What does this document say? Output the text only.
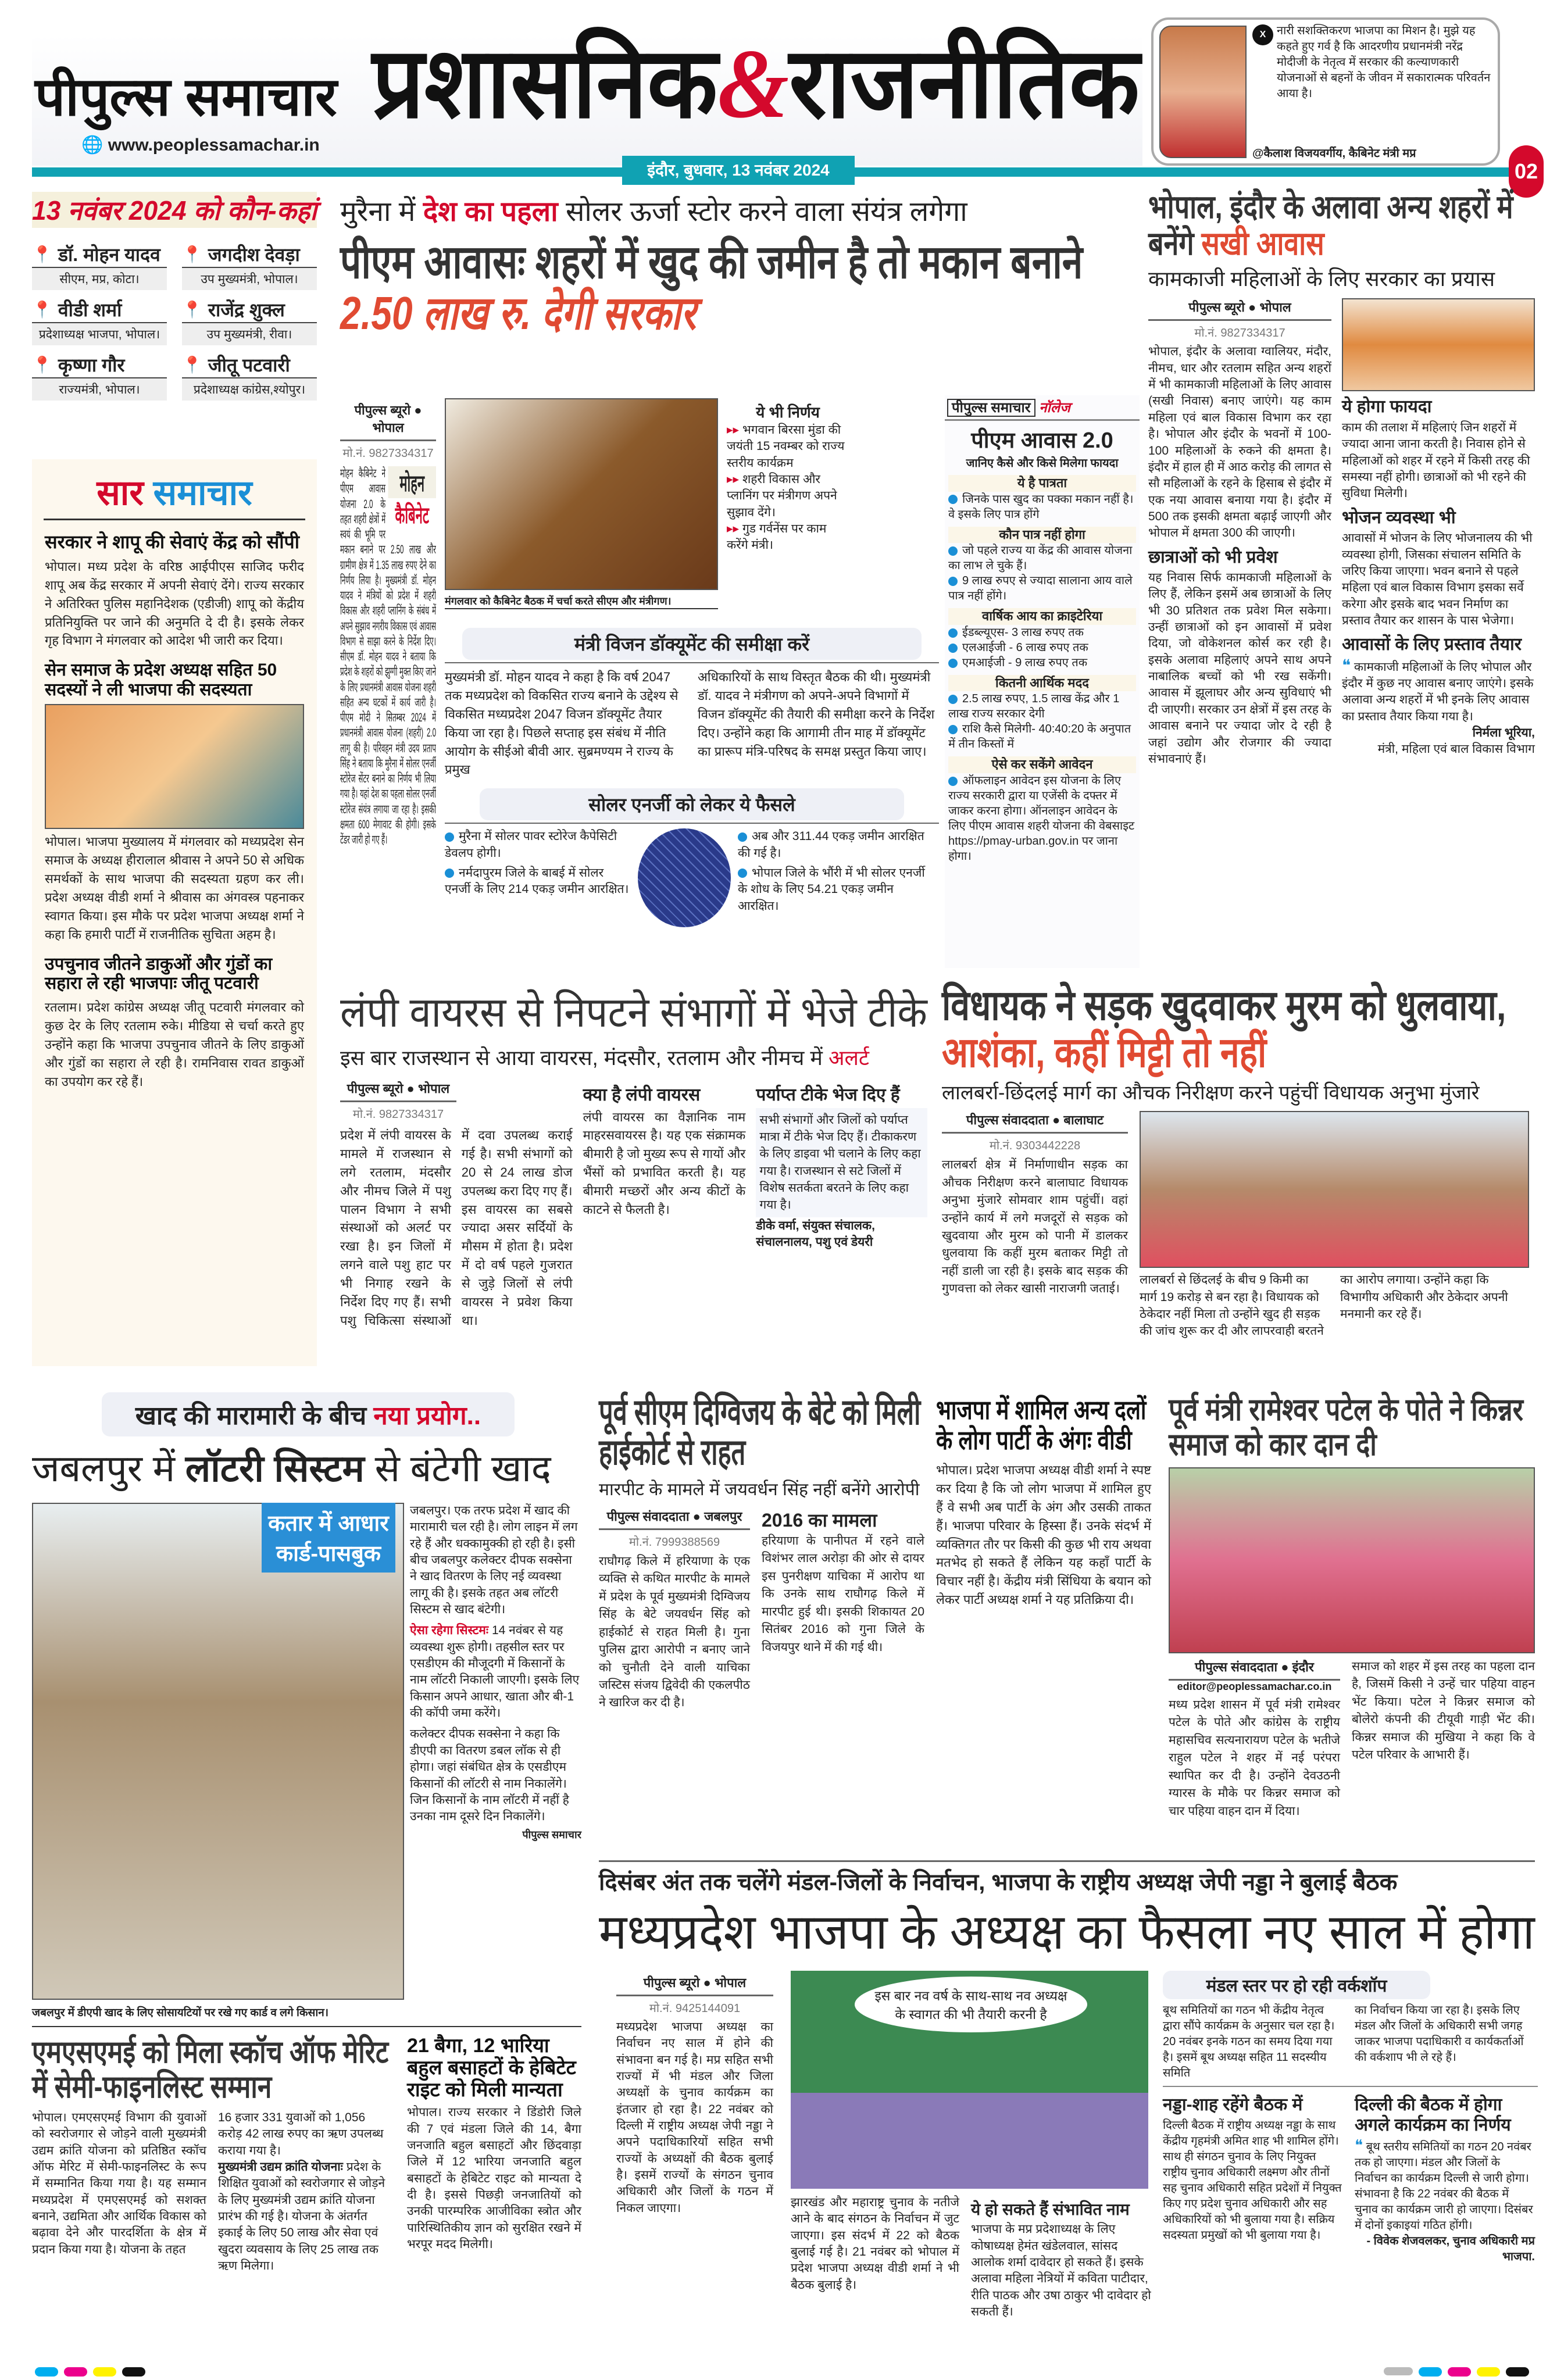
पीपुल्स समाचार प्रशासनिक&राजनीतिक
🌐 www.peoplessamachar.in
इंदौर, बुधवार, 13 नवंबर 2024
X नारी सशक्तिकरण भाजपा का मिशन है। मुझे यह कहते हुए गर्व है कि आदरणीय प्रधानमंत्री नरेंद्र मोदीजी के नेतृत्व में सरकार की कल्याणकारी योजनाओं से बहनों के जीवन में सकारात्मक परिवर्तन आया है।
@कैलाश विजयवर्गीय, कैबिनेट मंत्री मप्र
02
13 नवंबर 2024 को कौन-कहां
📍 डॉ. मोहन यादव
सीएम, मप्र, कोटा।
📍 जगदीश देवड़ा
उप मुख्यमंत्री, भोपाल।
📍 वीडी शर्मा
प्रदेशाध्यक्ष भाजपा, भोपाल।
📍 राजेंद्र शुक्ल
उप मुख्यमंत्री, रीवा।
📍 कृष्णा गौर
राज्यमंत्री, भोपाल।
📍 जीतू पटवारी
प्रदेशाध्यक्ष कांग्रेस,श्योपुर।
सार समाचार
सरकार ने शापू की सेवाएं केंद्र को सौंपी
भोपाल। मध्य प्रदेश के वरिष्ठ आईपीएस साजिद फरीद शापू अब केंद्र सरकार में अपनी सेवाएं देंगे। राज्य सरकार ने अतिरिक्त पुलिस महानिदेशक (एडीजी) शापू को केंद्रीय प्रतिनियुक्ति पर जाने की अनुमति दे दी है। इसके लेकर गृह विभाग ने मंगलवार को आदेश भी जारी कर दिया।
सेन समाज के प्रदेश अध्यक्ष सहित 50 सदस्यों ने ली भाजपा की सदस्यता
भोपाल। भाजपा मुख्यालय में मंगलवार को मध्यप्रदेश सेन समाज के अध्यक्ष हीरालाल श्रीवास ने अपने 50 से अधिक समर्थकों के साथ भाजपा की सदस्यता ग्रहण कर ली। प्रदेश अध्यक्ष वीडी शर्मा ने श्रीवास का अंगवस्त्र पहनाकर स्वागत किया। इस मौके पर प्रदेश भाजपा अध्यक्ष शर्मा ने कहा कि हमारी पार्टी में राजनीतिक सुचिता अहम है।
उपचुनाव जीतने डाकुओं और गुंडों का सहारा ले रही भाजपाः जीतू पटवारी
रतलाम। प्रदेश कांग्रेस अध्यक्ष जीतू पटवारी मंगलवार को कुछ देर के लिए रतलाम रुके। मीडिया से चर्चा करते हुए उन्होंने कहा कि भाजपा उपचुनाव जीतने के लिए डाकुओं और गुंडों का सहारा ले रही है। रामनिवास रावत डाकुओं का उपयोग कर रहे हैं।
मुरैना में देश का पहला सोलर ऊर्जा स्टोर करने वाला संयंत्र लगेगा
पीएम आवासः शहरों में खुद की जमीन है तो मकान बनाने 2.50 लाख रु. देगी सरकार
पीपुल्स ब्यूरो ● भोपाल
मो.नं. 9827334317
मोहन
कैबिनेट
मोहन कैबिनेट ने पीएम आवास योजना 2.0 के तहत शहरी क्षेत्रों में स्वयं की भूमि पर मकान बनाने पर 2.50 लाख और ग्रामीण क्षेत्र में 1.35 लाख रुपए देने का निर्णय लिया है। मुख्यमंत्री डॉ. मोहन यादव ने मंत्रियों को प्रदेश में शहरी विकास और शहरी प्लानिंग के संबंध में अपने सुझाव नगरीय विकास एवं आवास विभाग से साझा करने के निर्देश दिए। सीएम डॉ. मोहन यादव ने बताया कि प्रदेश के शहरों को झुग्गी मुक्त किए जाने के लिए प्रधानमंत्री आवास योजना शहरी सहित अन्य घटकों में कार्य जारी है। पीएम मोदी ने सितम्बर 2024 में प्रधानमंत्री आवास योजना (शहरी) 2.0 लागू की है। परिवहन मंत्री उदय प्रताप सिंह ने बताया कि मुरैना में सोलर एनर्जी स्टोरेज सेंटर बनाने का निर्णय भी लिया गया है। यहां देश का पहला सोलर एनर्जी स्टोरेज संयंत्र लगाया जा रहा है। इसकी क्षमता 600 मेगावाट की होगी। इसके टेंडर जारी हो गए हैं।
मंगलवार को कैबिनेट बैठक में चर्चा करते सीएम और मंत्रीगण।
ये भी निर्णय
▸▸ भगवान बिरसा मुंडा की जयंती 15 नवम्बर को राज्य स्तरीय कार्यक्रम
▸▸ शहरी विकास और प्लानिंग पर मंत्रीगण अपने सुझाव देंगे।
▸▸ गुड गर्वनेंस पर काम करेंगे मंत्री।
मंत्री विजन डॉक्यूमेंट की समीक्षा करें
मुख्यमंत्री डॉ. मोहन यादव ने कहा है कि वर्ष 2047 तक मध्यप्रदेश को विकसित राज्य बनाने के उद्देश्य से विकसित मध्यप्रदेश 2047 विजन डॉक्यूमेंट तैयार किया जा रहा है। पिछले सप्ताह इस संबंध में नीति आयोग के सीईओ बीवी आर. सुब्रमण्यम ने राज्य के प्रमुख
अधिकारियों के साथ विस्तृत बैठक की थी। मुख्यमंत्री डॉ. यादव ने मंत्रीगण को अपने-अपने विभागों में विजन डॉक्यूमेंट की तैयारी की समीक्षा करने के निर्देश दिए। उन्होंने कहा कि आगामी तीन माह में डॉक्यूमेंट का प्रारूप मंत्रि-परिषद के समक्ष प्रस्तुत किया जाए।
सोलर एनर्जी को लेकर ये फैसले
मुरैना में सोलर पावर स्टोरेज कैपेसिटी डेवलप होगी।
नर्मदापुरम जिले के बाबई में सोलर एनर्जी के लिए 214 एकड़ जमीन आरक्षित।
अब और 311.44 एकड़ जमीन आरक्षित की गई है।
भोपाल जिले के भौंरी में भी सोलर एनर्जी के शोध के लिए 54.21 एकड़ जमीन आरक्षित।
पीपुल्स समाचार नॉलेज
पीएम आवास 2.0
जानिए कैसे और किसे मिलेगा फायदा
ये है पात्रता
जिनके पास खुद का पक्का मकान नहीं है। वे इसके लिए पात्र होंगे
कौन पात्र नहीं होगा
जो पहले राज्य या केंद्र की आवास योजना का लाभ ले चुके हैं।
9 लाख रुपए से ज्यादा सालाना आय वाले पात्र नहीं होंगे।
वार्षिक आय का क्राइटेरिया
ईडब्ल्यूएस- 3 लाख रुपए तक
एलआईजी - 6 लाख रुपए तक
एमआईजी - 9 लाख रुपए तक
कितनी आर्थिक मदद
2.5 लाख रुपए, 1.5 लाख केंद्र और 1 लाख राज्य सरकार देगी
राशि कैसे मिलेगी- 40:40:20 के अनुपात में तीन किस्तों में
ऐसे कर सकेंगे आवेदन
ऑफलाइन आवेदन इस योजना के लिए राज्य सरकारी द्वारा या एजेंसी के दफ्तर में जाकर करना होगा। ऑनलाइन आवेदन के लिए पीएम आवास शहरी योजना की वेबसाइट https://pmay-urban.gov.in पर जाना होगा।
भोपाल, इंदौर के अलावा अन्य शहरों में बनेंगे सखी आवास
कामकाजी महिलाओं के लिए सरकार का प्रयास
पीपुल्स ब्यूरो ● भोपाल
मो.नं. 9827334317
भोपाल, इंदौर के अलावा ग्वालियर, मंदौर, नीमच, धार और रतलाम सहित अन्य शहरों में भी कामकाजी महिलाओं के लिए आवास (सखी निवास) बनाए जाएंगे। यह काम महिला एवं बाल विकास विभाग कर रहा है। भोपाल और इंदौर के भवनों में 100-100 महिलाओं के रुकने की क्षमता है। इंदौर में हाल ही में आठ करोड़ की लागत से सौ महिलाओं के रहने के हिसाब से इंदौर में एक नया आवास बनाया गया है। इंदौर में 500 तक इसकी क्षमता बढ़ाई जाएगी और भोपाल में क्षमता 300 की जाएगी।
छात्राओं को भी प्रवेश
यह निवास सिर्फ कामकाजी महिलाओं के लिए हैं, लेकिन इसमें अब छात्राओं के लिए भी 30 प्रतिशत तक प्रवेश मिल सकेगा। उन्हीं छात्राओं को इन आवासों में प्रवेश दिया, जो वोकेशनल कोर्स कर रही है। इसके अलावा महिलाएं अपने साथ अपने नाबालिक बच्चों को भी रख सकेंगी। आवास में झूलाघर और अन्य सुविधाएं भी दी जाएगी। सरकार उन क्षेत्रों में इस तरह के आवास बनाने पर ज्यादा जोर दे रही है जहां उद्योग और रोजगार की ज्यादा संभावनाएं हैं।
ये होगा फायदा
काम की तलाश में महिलाएं जिन शहरों में ज्यादा आना जाना करती है। निवास होने से महिलाओं को शहर में रहने में किसी तरह की समस्या नहीं होगी। छात्राओं को भी रहने की सुविधा मिलेगी।
भोजन व्यवस्था भी
आवासों में भोजन के लिए भोजनालय की भी व्यवस्था होगी, जिसका संचालन समिति के जरिए किया जाएगा। भवन बनाने से पहले महिला एवं बाल विकास विभाग इसका सर्वे करेगा और इसके बाद भवन निर्माण का प्रस्ताव तैयार कर शासन के पास भेजेगा।
आवासों के लिए प्रस्ताव तैयार
❝ कामकाजी महिलाओं के लिए भोपाल और इंदौर में कुछ नए आवास बनाए जाएंगे। इसके अलावा अन्य शहरों में भी इनके लिए आवास का प्रस्ताव तैयार किया गया है।
निर्मला भूरिया,
मंत्री, महिला एवं बाल विकास विभाग
लंपी वायरस से निपटने संभागों में भेजे टीके
इस बार राजस्थान से आया वायरस, मंदसौर, रतलाम और नीमच में अलर्ट
पीपुल्स ब्यूरो ● भोपाल
मो.नं. 9827334317
प्रदेश में लंपी वायरस के मामले में राजस्थान से लगे रतलाम, मंदसौर और नीमच जिले में पशु पालन विभाग ने सभी संस्थाओं को अलर्ट पर रखा है। इन जिलों में लगने वाले पशु हाट पर भी निगाह रखने के निर्देश दिए गए हैं। सभी पशु चिकित्सा संस्थाओं में दवा उपलब्ध कराई गई है। सभी संभागों को 20 से 24 लाख डोज उपलब्ध करा दिए गए हैं। इस वायरस का सबसे ज्यादा असर सर्दियों के मौसम में होता है। प्रदेश में दो वर्ष पहले गुजरात से जुड़े जिलों से लंपी वायरस ने प्रवेश किया था।
क्या है लंपी वायरस
लंपी वायरस का वैज्ञानिक नाम माहरसवायरस है। यह एक संक्रामक बीमारी है जो मुख्य रूप से गायों और भैंसों को प्रभावित करती है। यह बीमारी मच्छरों और अन्य कीटों के काटने से फैलती है।
पर्याप्त टीके भेज दिए हैं
सभी संभागों और जिलों को पर्याप्त मात्रा में टीके भेज दिए हैं। टीकाकरण के लिए डाइवा भी चलाने के लिए कहा गया है। राजस्थान से सटे जिलों में विशेष सतर्कता बरतने के लिए कहा गया है।
डीके वर्मा, संयुक्त संचालक, संचालनालय, पशु एवं डेयरी
विधायक ने सड़क खुदवाकर मुरम को धुलवाया, आशंका, कहीं मिट्टी तो नहीं
लालबर्रा-छिंदलई मार्ग का औचक निरीक्षण करने पहुंचीं विधायक अनुभा मुंजारे
पीपुल्स संवाददाता ● बालाघाट
मो.नं. 9303442228
लालबर्रा क्षेत्र में निर्माणाधीन सड़क का औचक निरीक्षण करने बालाघाट विधायक अनुभा मुंजारे सोमवार शाम पहुंचीं। वहां उन्होंने कार्य में लगे मजदूरों से सड़क को खुदवाया और मुरम को पानी में डालकर धुलवाया कि कहीं मुरम बताकर मिट्टी तो नहीं डाली जा रही है। इसके बाद सड़क की गुणवत्ता को लेकर खासी नाराजगी जताई।
लालबर्रा से छिंदलई के बीच 9 किमी का मार्ग 19 करोड़ से बन रहा है। विधायक को ठेकेदार नहीं मिला तो उन्होंने खुद ही सड़क की जांच शुरू कर दी और लापरवाही बरतने का आरोप लगाया। उन्होंने कहा कि विभागीय अधिकारी और ठेकेदार अपनी मनमानी कर रहे हैं।
खाद की मारामारी के बीच नया प्रयोग..
जबलपुर में लॉटरी सिस्टम से बंटेगी खाद
कतार में आधार कार्ड-पासबुक
जबलपुर में डीएपी खाद के लिए सोसायटियों पर रखे गए कार्ड व लगे किसान।
जबलपुर। एक तरफ प्रदेश में खाद की मारामारी चल रही है। लोग लाइन में लग रहे हैं और धक्कामुक्की हो रही है। इसी बीच जबलपुर कलेक्टर दीपक सक्सेना ने खाद वितरण के लिए नई व्यवस्था लागू की है। इसके तहत अब लॉटरी सिस्टम से खाद बंटेगी।
ऐसा रहेगा सिस्टमः 14 नवंबर से यह व्यवस्था शुरू होगी। तहसील स्तर पर एसडीएम की मौजूदगी में किसानों के नाम लॉटरी निकाली जाएगी। इसके लिए किसान अपने आधार, खाता और बी-1 की कॉपी जमा करेंगे।
कलेक्टर दीपक सक्सेना ने कहा कि डीएपी का वितरण डबल लॉक से ही होगा। जहां संबंधित क्षेत्र के एसडीएम किसानों की लॉटरी से नाम निकालेंगे। जिन किसानों के नाम लॉटरी में नहीं है उनका नाम दूसरे दिन निकालेंगे।
पीपुल्स समाचार
पूर्व सीएम दिग्विजय के बेटे को मिली हाईकोर्ट से राहत
मारपीट के मामले में जयवर्धन सिंह नहीं बनेंगे आरोपी
पीपुल्स संवाददाता ● जबलपुर
मो.नं. 7999388569
राघौगढ़ किले में हरियाणा के एक व्यक्ति से कथित मारपीट के मामले में प्रदेश के पूर्व मुख्यमंत्री दिग्विजय सिंह के बेटे जयवर्धन सिंह को हाईकोर्ट से राहत मिली है। गुना पुलिस द्वारा आरोपी न बनाए जाने को चुनौती देने वाली याचिका जस्टिस संजय द्विवेदी की एकलपीठ ने खारिज कर दी है।
2016 का मामला
हरियाणा के पानीपत में रहने वाले विशंभर लाल अरोड़ा की ओर से दायर इस पुनरीक्षण याचिका में आरोप था कि उनके साथ राघौगढ़ किले में मारपीट हुई थी। इसकी शिकायत 20 सितंबर 2016 को गुना जिले के विजयपुर थाने में की गई थी।
भाजपा में शामिल अन्य दलों के लोग पार्टी के अंगः वीडी
भोपाल। प्रदेश भाजपा अध्यक्ष वीडी शर्मा ने स्पष्ट कर दिया है कि जो लोग भाजपा में शामिल हुए हैं वे सभी अब पार्टी के अंग और उसकी ताकत हैं। भाजपा परिवार के हिस्सा हैं। उनके संदर्भ में व्यक्तिगत तौर पर किसी की कुछ भी राय अथवा मतभेद हो सकते हैं लेकिन यह कहाँ पार्टी के विचार नहीं है। केंद्रीय मंत्री सिंधिया के बयान को लेकर पार्टी अध्यक्ष शर्मा ने यह प्रतिक्रिया दी।
पूर्व मंत्री रामेश्वर पटेल के पोते ने किन्नर समाज को कार दान दी
पीपुल्स संवाददाता ● इंदौर
editor@peoplessamachar.co.in
मध्य प्रदेश शासन में पूर्व मंत्री रामेश्वर पटेल के पोते और कांग्रेस के राष्ट्रीय महासचिव सत्यनारायण पटेल के भतीजे राहुल पटेल ने शहर में नई परंपरा स्थापित कर दी है। उन्होंने देवउठनी ग्यारस के मौके पर किन्नर समाज को चार पहिया वाहन दान में दिया।
समाज को शहर में इस तरह का पहला दान है, जिसमें किसी ने उन्हें चार पहिया वाहन भेंट किया। पटेल ने किन्नर समाज को बोलेरो कंपनी की टीयूवी गाड़ी भेंट की। किन्नर समाज की मुखिया ने कहा कि वे पटेल परिवार के आभारी हैं।
दिसंबर अंत तक चलेंगे मंडल-जिलों के निर्वाचन, भाजपा के राष्ट्रीय अध्यक्ष जेपी नड्डा ने बुलाई बैठक
मध्यप्रदेश भाजपा के अध्यक्ष का फैसला नए साल में होगा
पीपुल्स ब्यूरो ● भोपाल
मो.नं. 9425144091
मध्यप्रदेश भाजपा अध्यक्ष का निर्वाचन नए साल में होने की संभावना बन गई है। मप्र सहित सभी राज्यों में भी मंडल और जिला अध्यक्षों के चुनाव कार्यक्रम का इंतजार हो रहा है। 22 नवंबर को दिल्ली में राष्ट्रीय अध्यक्ष जेपी नड्डा ने अपने पदाधिकारियों सहित सभी राज्यों के अध्यक्षों की बैठक बुलाई है। इसमें राज्यों के संगठन चुनाव अधिकारी और जिलों के गठन में निकल जाएगा।
इस बार नव वर्ष के साथ-साथ नव अध्यक्ष के स्वागत की भी तैयारी करनी है
झारखंड और महाराष्ट्र चुनाव के नतीजे आने के बाद संगठन के निर्वाचन में जुट जाएगा। इस संदर्भ में 22 को बैठक बुलाई गई है। 21 नवंबर को भोपाल में प्रदेश भाजपा अध्यक्ष वीडी शर्मा ने भी बैठक बुलाई है।
ये हो सकते हैं संभावित नाम
भाजपा के मप्र प्रदेशाध्यक्ष के लिए कोषाध्यक्ष हेमंत खंडेलवाल, सांसद आलोक शर्मा दावेदार हो सकते हैं। इसके अलावा महिला नेत्रियों में कविता पाटीदार, रीति पाठक और उषा ठाकुर भी दावेदार हो सकती हैं।
मंडल स्तर पर हो रही वर्कशॉप
बूथ समितियों का गठन भी केंद्रीय नेतृत्व द्वारा सौंपे कार्यक्रम के अनुसार चल रहा है। 20 नवंबर इनके गठन का समय दिया गया है। इसमें बूथ अध्यक्ष सहित 11 सदस्यीय समिति
का निर्वाचन किया जा रहा है। इसके लिए मंडल और जिलों के अधिकारी सभी जगह जाकर भाजपा पदाधिकारी व कार्यकर्ताओं की वर्कशाप भी ले रहे हैं।
नड्डा-शाह रहेंगे बैठक में
दिल्ली बैठक में राष्ट्रीय अध्यक्ष नड्डा के साथ केंद्रीय गृहमंत्री अमित शाह भी शामिल होंगे। साथ ही संगठन चुनाव के लिए नियुक्त राष्ट्रीय चुनाव अधिकारी लक्ष्मण और तीनों सह चुनाव अधिकारी सहित प्रदेशों में नियुक्त किए गए प्रदेश चुनाव अधिकारी और सह अधिकारियों को भी बुलाया गया है। सक्रिय सदस्यता प्रमुखों को भी बुलाया गया है।
दिल्ली की बैठक में होगा अगले कार्यक्रम का निर्णय
❝ बूथ स्तरीय समितियों का गठन 20 नवंबर तक हो जाएगा। मंडल और जिलों के निर्वाचन का कार्यक्रम दिल्ली से जारी होगा। संभावना है कि 22 नवंबर की बैठक में चुनाव का कार्यक्रम जारी हो जाएगा। दिसंबर में दोनों इकाइयां गठित होंगी।
- विवेक शेजवलकर, चुनाव अधिकारी मप्र भाजपा.
एमएसएमई को मिला स्कॉच ऑफ मेरिट में सेमी-फाइनलिस्ट सम्मान
भोपाल। एमएसएमई विभाग की युवाओं को स्वरोजगार से जोड़ने वाली मुख्यमंत्री उद्यम क्रांति योजना को प्रतिष्ठित स्कॉच ऑफ मेरिट में सेमी-फाइनलिस्ट के रूप में सम्मानित किया गया है। यह सम्मान मध्यप्रदेश में एमएसएमई को सशक्त बनाने, उद्यमिता और आर्थिक विकास को बढ़ावा देने और पारदर्शिता के क्षेत्र में प्रदान किया गया है। योजना के तहत
16 हजार 331 युवाओं को 1,056 करोड़ 42 लाख रुपए का ऋण उपलब्ध कराया गया है।
मुख्यमंत्री उद्यम क्रांति योजनाः प्रदेश के शिक्षित युवाओं को स्वरोजगार से जोड़ने के लिए मुख्यमंत्री उद्यम क्रांति योजना प्रारंभ की गई है। योजना के अंतर्गत इकाई के लिए 50 लाख और सेवा एवं खुदरा व्यवसाय के लिए 25 लाख तक ऋण मिलेगा।
21 बैगा, 12 भारिया बहुल बसाहटों के हेबिटेट राइट को मिली मान्यता
भोपाल। राज्य सरकार ने डिंडोरी जिले की 7 एवं मंडला जिले की 14, बैगा जनजाति बहुल बसाहटों और छिंदवाड़ा जिले में 12 भारिया जनजाति बहुल बसाहटों के हेबिटेट राइट को मान्यता दे दी है। इससे पिछड़ी जनजातियों को उनकी पारम्परिक आजीविका स्त्रोत और पारिस्थितिकीय ज्ञान को सुरक्षित रखने में भरपूर मदद मिलेगी।
